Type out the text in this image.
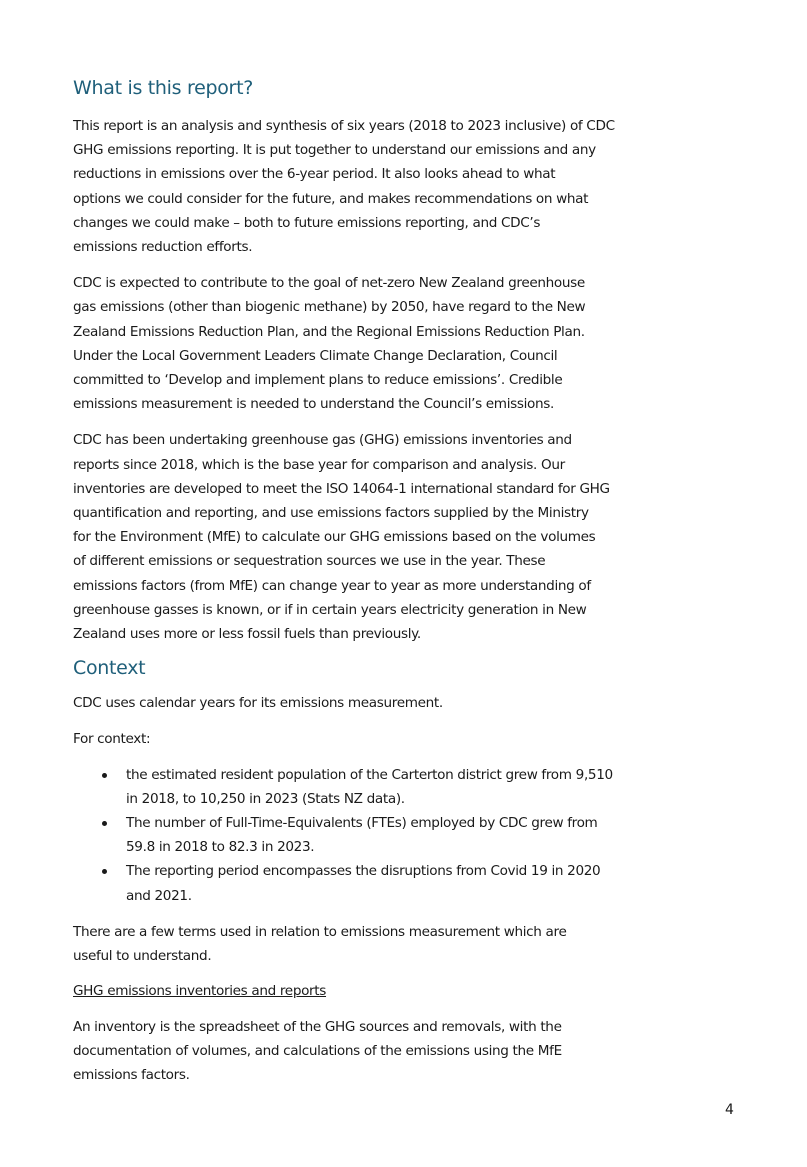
What is this report?

This report is an analysis and synthesis of six years (2018 to 2023 inclusive) of CDC
GHG emissions reporting. It is put together to understand our emissions and any
reductions in emissions over the 6-year period. It also looks ahead to what
options we could consider for the future, and makes recommendations on what
changes we could make – both to future emissions reporting, and CDC’s
emissions reduction efforts.

CDC is expected to contribute to the goal of net-zero New Zealand greenhouse
gas emissions (other than biogenic methane) by 2050, have regard to the New
Zealand Emissions Reduction Plan, and the Regional Emissions Reduction Plan.
Under the Local Government Leaders Climate Change Declaration, Council
committed to ‘Develop and implement plans to reduce emissions’. Credible
emissions measurement is needed to understand the Council’s emissions.

CDC has been undertaking greenhouse gas (GHG) emissions inventories and
reports since 2018, which is the base year for comparison and analysis. Our
inventories are developed to meet the ISO 14064-1 international standard for GHG
quantification and reporting, and use emissions factors supplied by the Ministry
for the Environment (MfE) to calculate our GHG emissions based on the volumes
of different emissions or sequestration sources we use in the year. These
emissions factors (from MfE) can change year to year as more understanding of
greenhouse gasses is known, or if in certain years electricity generation in New
Zealand uses more or less fossil fuels than previously.

Context

CDC uses calendar years for its emissions measurement.

For context:

the estimated resident population of the Carterton district grew from 9,510
in 2018, to 10,250 in 2023 (Stats NZ data).
The number of Full-Time-Equivalents (FTEs) employed by CDC grew from
59.8 in 2018 to 82.3 in 2023.
The reporting period encompasses the disruptions from Covid 19 in 2020
and 2021.

There are a few terms used in relation to emissions measurement which are
useful to understand.

GHG emissions inventories and reports

An inventory is the spreadsheet of the GHG sources and removals, with the
documentation of volumes, and calculations of the emissions using the MfE
emissions factors.

4
